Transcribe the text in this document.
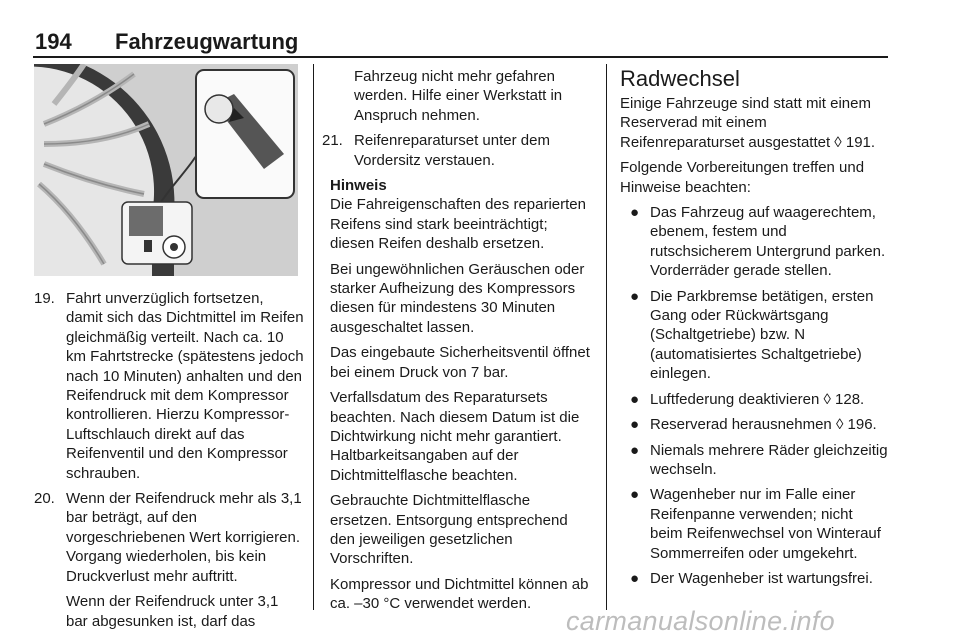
194 Fahrzeugwartung
19. Fahrt unverzüglich fortsetzen, damit sich das Dichtmittel im Reifen gleichmäßig verteilt. Nach ca. 10 km Fahrtstrecke (spätestens jedoch nach 10 Minuten) anhalten und den Reifendruck mit dem Kompressor kontrollieren. Hierzu Kompressor-Luftschlauch direkt auf das Reifenventil und den Kompressor schrauben.
20. Wenn der Reifendruck mehr als 3,1 bar beträgt, auf den vorgeschriebenen Wert korrigieren. Vorgang wiederholen, bis kein Druckverlust mehr auftritt.
Wenn der Reifendruck unter 3,1 bar abgesunken ist, darf das

Fahrzeug nicht mehr gefahren werden. Hilfe einer Werkstatt in Anspruch nehmen.

21. Reifenreparaturset unter dem Vordersitz verstauen.
Hinweis

Die Fahreigenschaften des reparierten Reifens sind stark beeinträchtigt; diesen Reifen deshalb ersetzen.

Bei ungewöhnlichen Geräuschen oder starker Aufheizung des Kompressors diesen für mindestens 30 Minuten ausgeschaltet lassen.

Das eingebaute Sicherheitsventil öffnet bei einem Druck von 7 bar.

Verfallsdatum des Reparatursets beachten. Nach diesem Datum ist die Dichtwirkung nicht mehr garantiert. Haltbarkeitsangaben auf der Dichtmittelflasche beachten.

Gebrauchte Dichtmittelflasche ersetzen. Entsorgung entsprechend den jeweiligen gesetzlichen Vorschriften.

Kompressor und Dichtmittel können ab ca. –30 °C verwendet werden.

Radwechsel

Einige Fahrzeuge sind statt mit einem Reserverad mit einem Reifenreparaturset ausgestattet ◊ 191.

Folgende Vorbereitungen treffen und Hinweise beachten:

● Das Fahrzeug auf waagerechtem, ebenem, festem und rutschsicherem Untergrund parken. Vorderräder gerade stellen.
● Die Parkbremse betätigen, ersten Gang oder Rückwärtsgang (Schaltgetriebe) bzw. N (automatisiertes Schaltgetriebe) einlegen.
● Luftfederung deaktivieren ◊ 128.
● Reserverad herausnehmen ◊ 196.
● Niemals mehrere Räder gleichzeitig wechseln.
● Wagenheber nur im Falle einer Reifenpanne verwenden; nicht beim Reifenwechsel von Winterauf Sommerreifen oder umgekehrt.
● Der Wagenheber ist wartungsfrei.
carmanualsonline.info
